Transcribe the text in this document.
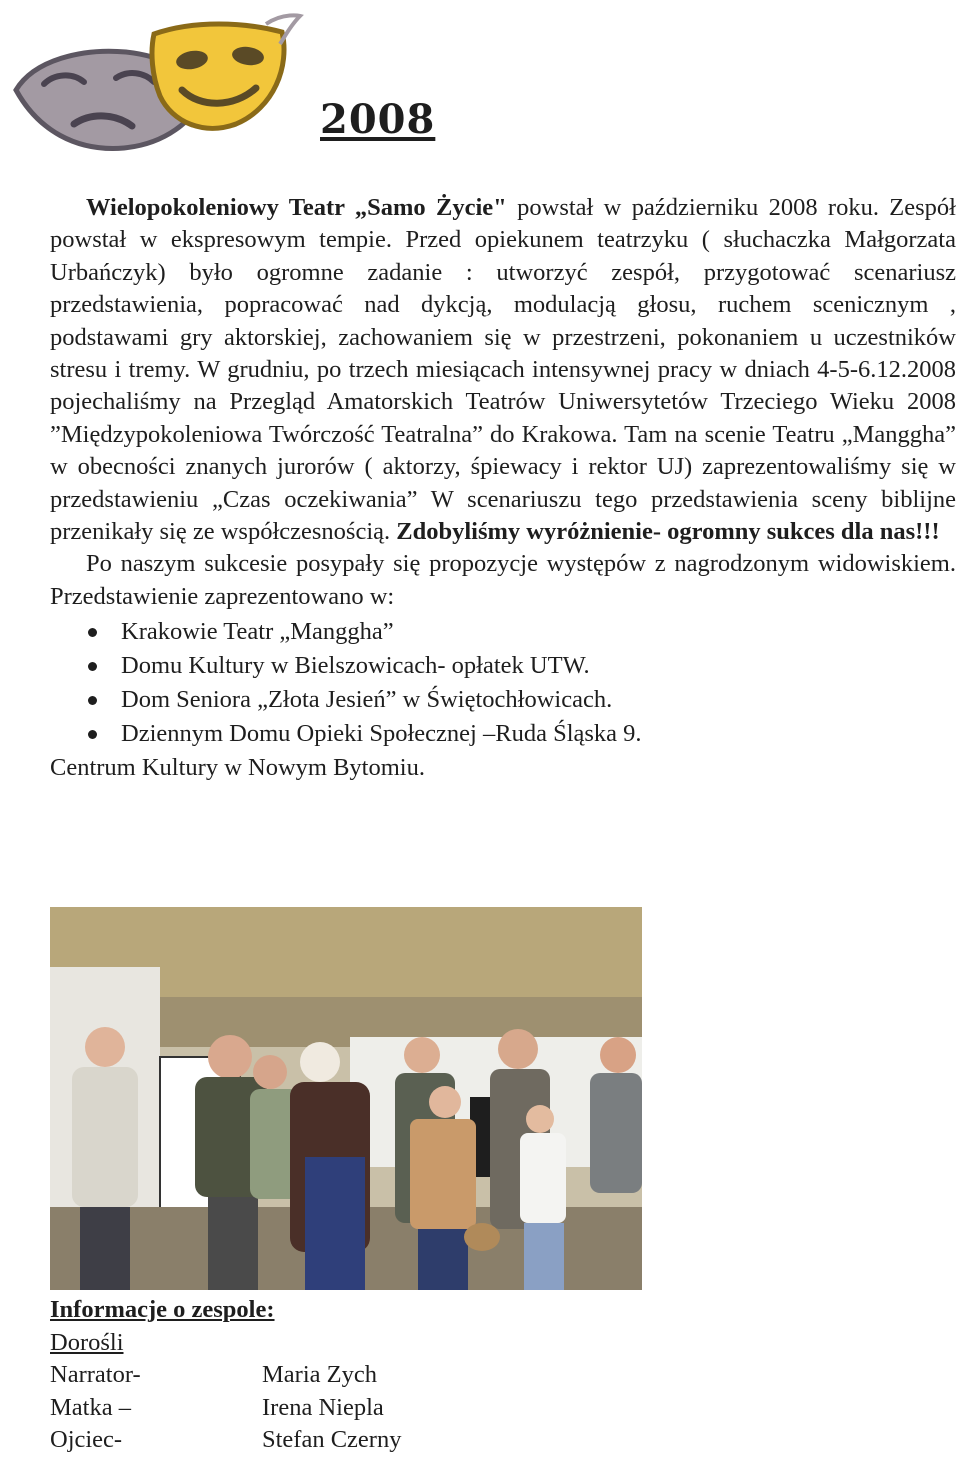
2008

Wielopokoleniowy Teatr „Samo Życie" powstał w październiku 2008 roku. Zespół powstał w ekspresowym tempie. Przed opiekunem teatrzyku ( słuchaczka Małgorzata Urbańczyk) było ogromne zadanie : utworzyć zespół, przygotować scenariusz przedstawienia, popracować nad dykcją, modulacją głosu, ruchem scenicznym , podstawami gry aktorskiej, zachowaniem się w przestrzeni, pokonaniem u uczestników stresu i tremy. W grudniu, po trzech miesiącach intensywnej pracy w dniach 4-5-6.12.2008 pojechaliśmy na Przegląd Amatorskich Teatrów Uniwersytetów Trzeciego Wieku 2008 ”Międzypokoleniowa Twórczość Teatralna” do Krakowa. Tam na scenie Teatru „Manggha” w obecności znanych jurorów ( aktorzy, śpiewacy i rektor UJ) zaprezentowaliśmy się w przedstawieniu „Czas oczekiwania” W scenariuszu tego przedstawienia sceny biblijne przenikały się ze współczesnością. Zdobyliśmy wyróżnienie- ogromny sukces dla nas!!!

Po naszym sukcesie posypały się propozycje występów z nagrodzonym widowiskiem. Przedstawienie zaprezentowano w:

Krakowie Teatr „Manggha”
Domu Kultury w Bielszowicach- opłatek UTW.
Dom Seniora „Złota Jesień” w Świętochłowicach.
Dziennym Domu Opieki Społecznej –Ruda Śląska 9.

Centrum Kultury w Nowym Bytomiu.

Informacje o zespole:
Dorośli
Narrator-	Maria Zych
Matka –	Irena Niepla
Ojciec-	Stefan Czerny
